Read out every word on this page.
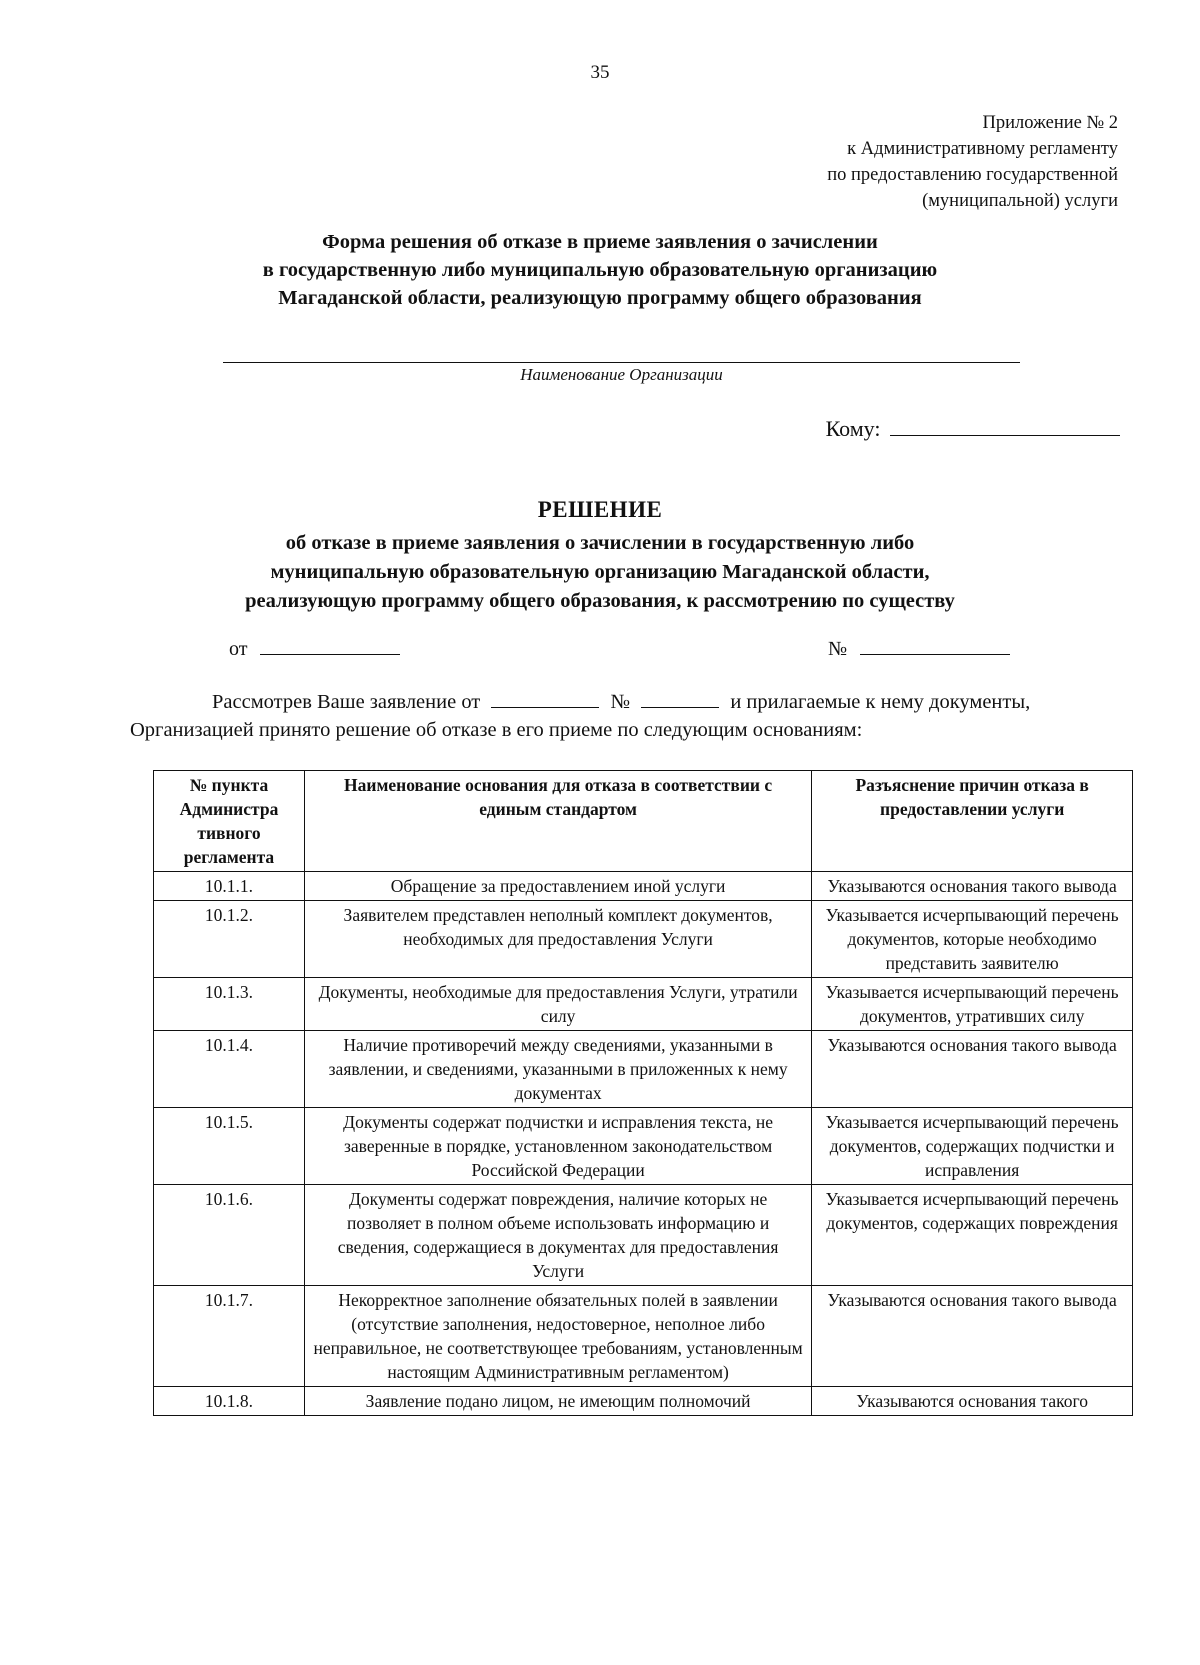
35
Приложение № 2
к Административному регламенту
по предоставлению государственной
(муниципальной) услуги
Форма решения об отказе в приеме заявления о зачислении
в государственную либо муниципальную образовательную организацию
Магаданской области, реализующую программу общего образования
Наименование Организации
Кому:
РЕШЕНИЕ
об отказе в приеме заявления о зачислении в государственную либо
муниципальную образовательную организацию Магаданской области,
реализующую программу общего образования, к рассмотрению по существу
от	№
Рассмотрев Ваше заявление от	№	и прилагаемые к нему документы,
Организацией принято решение об отказе в его приеме по следующим основаниям:
№ пункта Администра тивного регламента	Наименование основания для отказа в соответствии с единым стандартом	Разъяснение причин отказа в предоставлении услуги
10.1.1.	Обращение за предоставлением иной услуги	Указываются основания такого вывода
10.1.2.	Заявителем представлен неполный комплект документов, необходимых для предоставления Услуги	Указывается исчерпывающий перечень документов, которые необходимо представить заявителю
10.1.3.	Документы, необходимые для предоставления Услуги, утратили силу	Указывается исчерпывающий перечень документов, утративших силу
10.1.4.	Наличие противоречий между сведениями, указанными в заявлении, и сведениями, указанными в приложенных к нему документах	Указываются основания такого вывода
10.1.5.	Документы содержат подчистки и исправления текста, не заверенные в порядке, установленном законодательством Российской Федерации	Указывается исчерпывающий перечень документов, содержащих подчистки и исправления
10.1.6.	Документы содержат повреждения, наличие которых не позволяет в полном объеме использовать информацию и сведения, содержащиеся в документах для предоставления Услуги	Указывается исчерпывающий перечень документов, содержащих повреждения
10.1.7.	Некорректное заполнение обязательных полей в заявлении (отсутствие заполнения, недостоверное, неполное либо неправильное, не соответствующее требованиям, установленным настоящим Административным регламентом)	Указываются основания такого вывода
10.1.8.	Заявление подано лицом, не имеющим полномочий	Указываются основания такого
